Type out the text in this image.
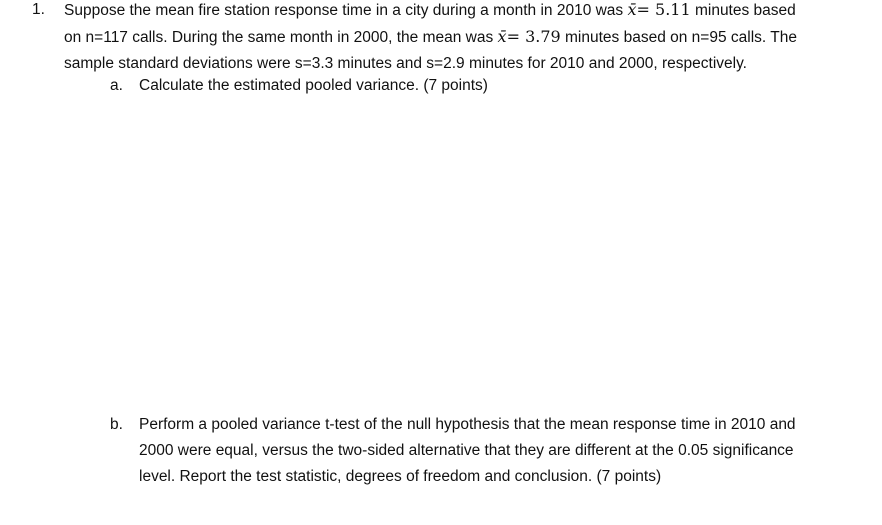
1. Suppose the mean fire station response time in a city during a month in 2010 was x̄= 5.11 minutes based
on n=117 calls. During the same month in 2000, the mean was x̄= 3.79 minutes based on n=95 calls. The
sample standard deviations were s=3.3 minutes and s=2.9 minutes for 2010 and 2000, respectively.
a. Calculate the estimated pooled variance. (7 points)
b. Perform a pooled variance t-test of the null hypothesis that the mean response time in 2010 and
2000 were equal, versus the two-sided alternative that they are different at the 0.05 significance
level. Report the test statistic, degrees of freedom and conclusion. (7 points)
